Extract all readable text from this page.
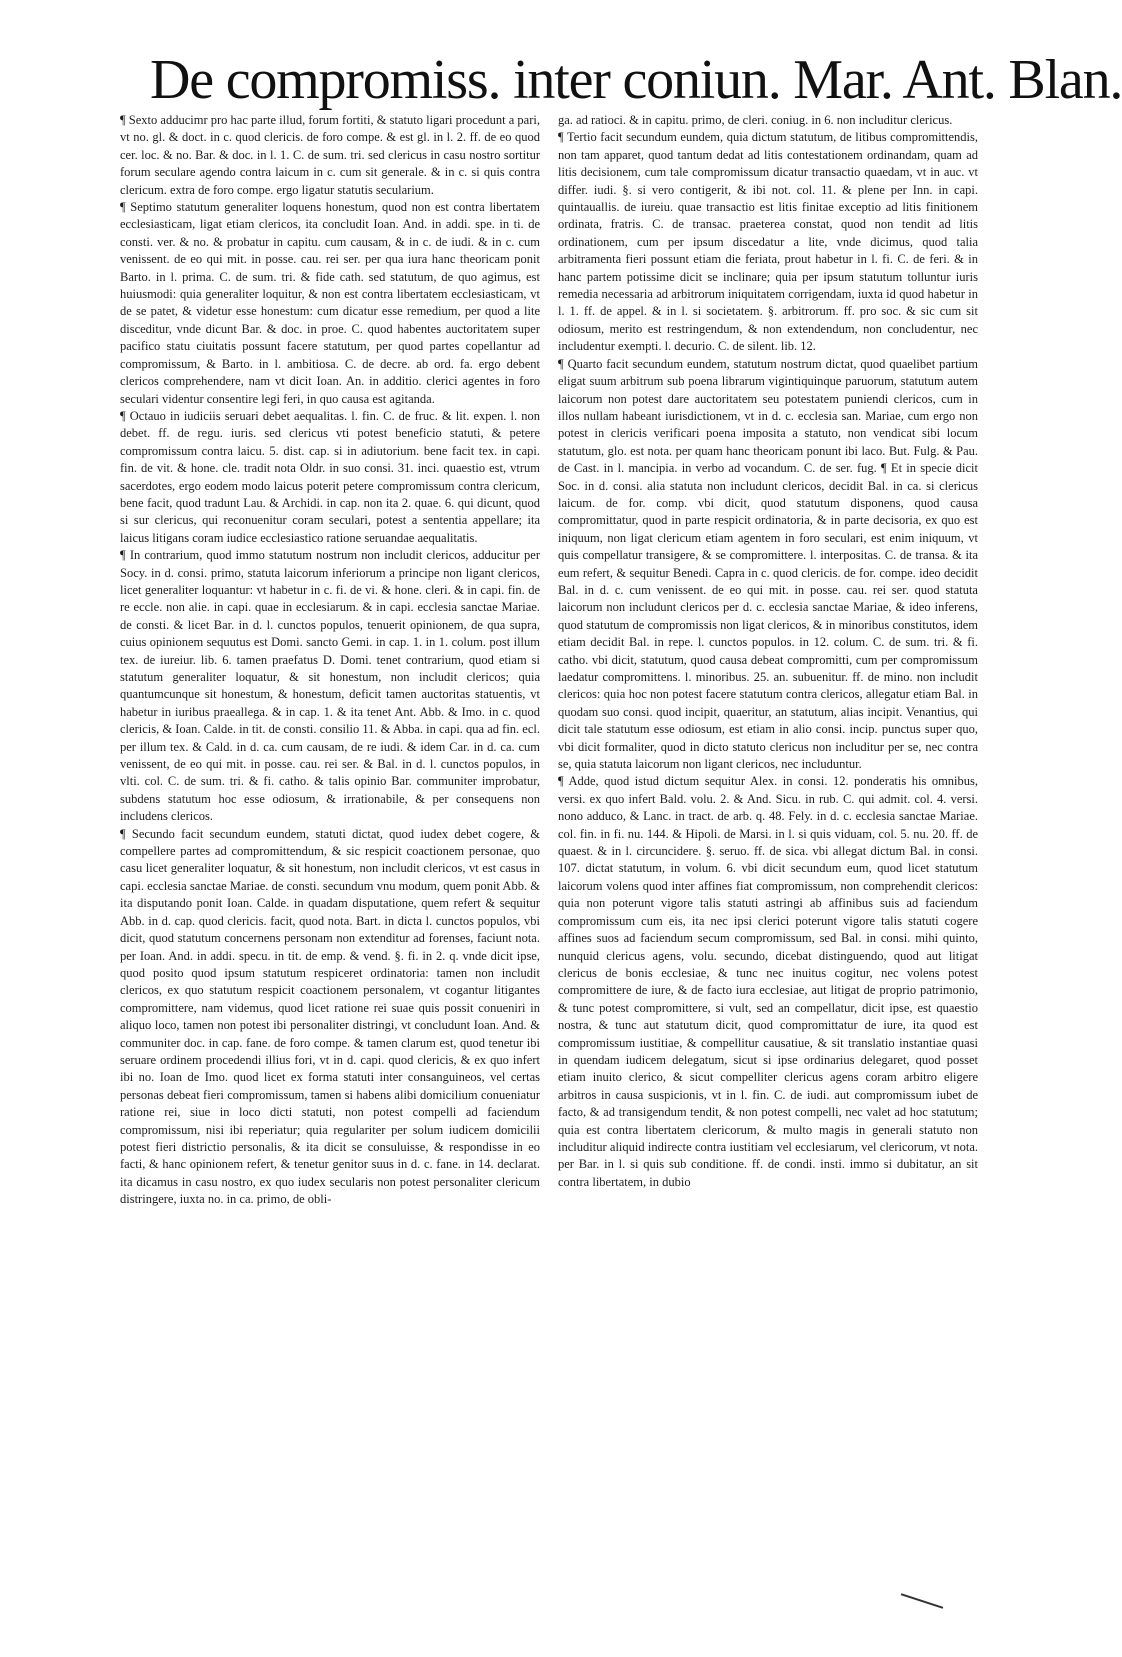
De compromiss. inter coniun. Mar. Ant. Blan.

¶ Sexto adducimr pro hac parte illud, forum fortiti, & statuto ligari procedunt a pari, vt no. gl. & doct. in c. quod clericis. de foro compe. & est gl. in l. 2. ff. de eo quod cer. loc. & no. Bar. & doc. in l. 1. C. de sum. tri. sed clericus in casu nostro sortitur forum seculare agendo contra laicum in c. cum sit generale. & in c. si quis contra clericum. extra de foro compe. ergo ligatur statutis secularium.

¶ Septimo statutum generaliter loquens honestum, quod non est contra libertatem ecclesiasticam, ligat etiam clericos, ita concludit Ioan. And. in addi. spe. in ti. de consti. ver. & no. & probatur in capitu. cum causam, & in c. de iudi. & in c. cum venissent. de eo qui mit. in posse. cau. rei ser. per qua iura hanc theoricam ponit Barto. in l. prima. C. de sum. tri. & fide cath. sed statutum, de quo agimus, est huiusmodi: quia generaliter loquitur, & non est contra libertatem ecclesiasticam, vt de se patet, & videtur esse honestum: cum dicatur esse remedium, per quod a lite disceditur, vnde dicunt Bar. & doc. in proe. C. quod habentes auctoritatem super pacifico statu ciuitatis possunt facere statutum, per quod partes copellantur ad compromissum, & Barto. in l. ambitiosa. C. de decre. ab ord. fa. ergo debent clericos comprehendere, nam vt dicit Ioan. An. in additio. clerici agentes in foro seculari videntur consentire legi feri, in quo causa est agitanda.

¶ Octauo in iudiciis seruari debet aequalitas. l. fin. C. de fruc. & lit. expen. l. non debet. ff. de regu. iuris. sed clericus vti potest beneficio statuti, & petere compromissum contra laicu. 5. dist. cap. si in adiutorium. bene facit tex. in capi. fin. de vit. & hone. cle. tradit nota Oldr. in suo consi. 31. inci. quaestio est, vtrum sacerdotes, ergo eodem modo laicus poterit petere compromissum contra clericum, bene facit, quod tradunt Lau. & Archidi. in cap. non ita 2. quae. 6. qui dicunt, quod si sur clericus, qui reconuenitur coram seculari, potest a sententia appellare; ita laicus litigans coram iudice ecclesiastico ratione seruandae aequalitatis.

¶ In contrarium, quod immo statutum nostrum non includit clericos, adducitur per Socy. in d. consi. primo, statuta laicorum inferiorum a principe non ligant clericos, licet generaliter loquantur: vt habetur in c. fi. de vi. & hone. cleri. & in capi. fin. de re eccle. non alie. in capi. quae in ecclesiarum. & in capi. ecclesia sanctae Mariae. de consti. & licet Bar. in d. l. cunctos populos, tenuerit opinionem, de qua supra, cuius opinionem sequutus est Domi. sancto Gemi. in cap. 1. in 1. colum. post illum tex. de iureiur. lib. 6. tamen praefatus D. Domi. tenet contrarium, quod etiam si statutum generaliter loquatur, & sit honestum, non includit clericos; quia quantumcunque sit honestum, & honestum, deficit tamen auctoritas statuentis, vt habetur in iuribus praeallega. & in cap. 1. & ita tenet Ant. Abb. & Imo. in c. quod clericis, & Ioan. Calde. in tit. de consti. consilio 11. & Abba. in capi. qua ad fin. ecl. per illum tex. & Cald. in d. ca. cum causam, de re iudi. & idem Car. in d. ca. cum venissent, de eo qui mit. in posse. cau. rei ser. & Bal. in d. l. cunctos populos, in vlti. col. C. de sum. tri. & fi. catho. & talis opinio Bar. communiter improbatur, subdens statutum hoc esse odiosum, & irrationabile, & per consequens non includens clericos.

¶ Secundo facit secundum eundem, statuti dictat, quod iudex debet cogere, & compellere partes ad compromittendum, & sic respicit coactionem personae, quo casu licet generaliter loquatur, & sit honestum, non includit clericos, vt est casus in capi. ecclesia sanctae Mariae. de consti. secundum vnu modum, quem ponit Abb. & ita disputando ponit Ioan. Calde. in quadam disputatione, quem refert & sequitur Abb. in d. cap. quod clericis. facit, quod nota. Bart. in dicta l. cunctos populos, vbi dicit, quod statutum concernens personam non extenditur ad forenses, faciunt nota. per Ioan. And. in addi. specu. in tit. de emp. & vend. §. fi. in 2. q. vnde dicit ipse, quod posito quod ipsum statutum respiceret ordinatoria: tamen non includit clericos, ex quo statutum respicit coactionem personalem, vt cogantur litigantes compromittere, nam videmus, quod licet ratione rei suae quis possit conueniri in aliquo loco, tamen non potest ibi personaliter distringi, vt concludunt Ioan. And. & communiter doc. in cap. fane. de foro compe. & tamen clarum est, quod tenetur ibi seruare ordinem procedendi illius fori, vt in d. capi. quod clericis, & ex quo infert ibi no. Ioan de Imo. quod licet ex forma statuti inter consanguineos, vel certas personas debeat fieri compromissum, tamen si habens alibi domicilium conueniatur ratione rei, siue in loco dicti statuti, non potest compelli ad faciendum compromissum, nisi ibi reperiatur; quia regulariter per solum iudicem domicilii potest fieri districtio personalis, & ita dicit se consuluisse, & respondisse in eo facti, & hanc opinionem refert, & tenetur genitor suus in d. c. fane. in 14. declarat. ita dicamus in casu nostro, ex quo iudex secularis non potest personaliter clericum distringere, iuxta no. in ca. primo, de obli-

ga. ad ratioci. & in capitu. primo, de cleri. coniug. in 6. non includitur clericus.

¶ Tertio facit secundum eundem, quia dictum statutum, de litibus compromittendis, non tam apparet, quod tantum dedat ad litis contestationem ordinandam, quam ad litis decisionem, cum tale compromissum dicatur transactio quaedam, vt in auc. vt differ. iudi. §. si vero contigerit, & ibi not. col. 11. & plene per Inn. in capi. quintauallis. de iureiu. quae transactio est litis finitae exceptio ad litis finitionem ordinata, fratris. C. de transac. praeterea constat, quod non tendit ad litis ordinationem, cum per ipsum discedatur a lite, vnde dicimus, quod talia arbitramenta fieri possunt etiam die feriata, prout habetur in l. fi. C. de feri. & in hanc partem potissime dicit se inclinare; quia per ipsum statutum tolluntur iuris remedia necessaria ad arbitrorum iniquitatem corrigendam, iuxta id quod habetur in l. 1. ff. de appel. & in l. si societatem. §. arbitrorum. ff. pro soc. & sic cum sit odiosum, merito est restringendum, & non extendendum, non concludentur, nec includentur exempti. l. decurio. C. de silent. lib. 12.

¶ Quarto facit secundum eundem, statutum nostrum dictat, quod quaelibet partium eligat suum arbitrum sub poena librarum vigintiquinque paruorum, statutum autem laicorum non potest dare auctoritatem seu potestatem puniendi clericos, cum in illos nullam habeant iurisdictionem, vt in d. c. ecclesia san. Mariae, cum ergo non potest in clericis verificari poena imposita a statuto, non vendicat sibi locum statutum, glo. est nota. per quam hanc theoricam ponunt ibi laco. But. Fulg. & Pau. de Cast. in l. mancipia. in verbo ad vocandum. C. de ser. fug. ¶ Et in specie dicit Soc. in d. consi. alia statuta non includunt clericos, decidit Bal. in ca. si clericus laicum. de for. comp. vbi dicit, quod statutum disponens, quod causa compromittatur, quod in parte respicit ordinatoria, & in parte decisoria, ex quo est iniquum, non ligat clericum etiam agentem in foro seculari, est enim iniquum, vt quis compellatur transigere, & se compromittere. l. interpositas. C. de transa. & ita eum refert, & sequitur Benedi. Capra in c. quod clericis. de for. compe. ideo decidit Bal. in d. c. cum venissent. de eo qui mit. in posse. cau. rei ser. quod statuta laicorum non includunt clericos per d. c. ecclesia sanctae Mariae, & ideo inferens, quod statutum de compromissis non ligat clericos, & in minoribus constitutos, idem etiam decidit Bal. in repe. l. cunctos populos. in 12. colum. C. de sum. tri. & fi. catho. vbi dicit, statutum, quod causa debeat compromitti, cum per compromissum laedatur compromittens. l. minoribus. 25. an. subuenitur. ff. de mino. non includit clericos: quia hoc non potest facere statutum contra clericos, allegatur etiam Bal. in quodam suo consi. quod incipit, quaeritur, an statutum, alias incipit. Venantius, qui dicit tale statutum esse odiosum, est etiam in alio consi. incip. punctus super quo, vbi dicit formaliter, quod in dicto statuto clericus non includitur per se, nec contra se, quia statuta laicorum non ligant clericos, nec includuntur.

¶ Adde, quod istud dictum sequitur Alex. in consi. 12. ponderatis his omnibus, versi. ex quo infert Bald. volu. 2. & And. Sicu. in rub. C. qui admit. col. 4. versi. nono adduco, & Lanc. in tract. de arb. q. 48. Fely. in d. c. ecclesia sanctae Mariae. col. fin. in fi. nu. 144. & Hipoli. de Marsi. in l. si quis viduam, col. 5. nu. 20. ff. de quaest. & in l. circuncidere. §. seruo. ff. de sica. vbi allegat dictum Bal. in consi. 107. dictat statutum, in volum. 6. vbi dicit secundum eum, quod licet statutum laicorum volens quod inter affines fiat compromissum, non comprehendit clericos: quia non poterunt vigore talis statuti astringi ab affinibus suis ad faciendum compromissum cum eis, ita nec ipsi clerici poterunt vigore talis statuti cogere affines suos ad faciendum secum compromissum, sed Bal. in consi. mihi quinto, nunquid clericus agens, volu. secundo, dicebat distinguendo, quod aut litigat clericus de bonis ecclesiae, & tunc nec inuitus cogitur, nec volens potest compromittere de iure, & de facto iura ecclesiae, aut litigat de proprio patrimonio, & tunc potest compromittere, si vult, sed an compellatur, dicit ipse, est quaestio nostra, & tunc aut statutum dicit, quod compromittatur de iure, ita quod est compromissum iustitiae, & compellitur causatiue, & sit translatio instantiae quasi in quendam iudicem delegatum, sicut si ipse ordinarius delegaret, quod posset etiam inuito clerico, & sicut compelliter clericus agens coram arbitro eligere arbitros in causa suspicionis, vt in l. fin. C. de iudi. aut compromissum iubet de facto, & ad transigendum tendit, & non potest compelli, nec valet ad hoc statutum; quia est contra libertatem clericorum, & multo magis in generali statuto non includitur aliquid indirecte contra iustitiam vel ecclesiarum, vel clericorum, vt nota. per Bar. in l. si quis sub conditione. ff. de condi. insti. immo si dubitatur, an sit contra libertatem, in dubio
